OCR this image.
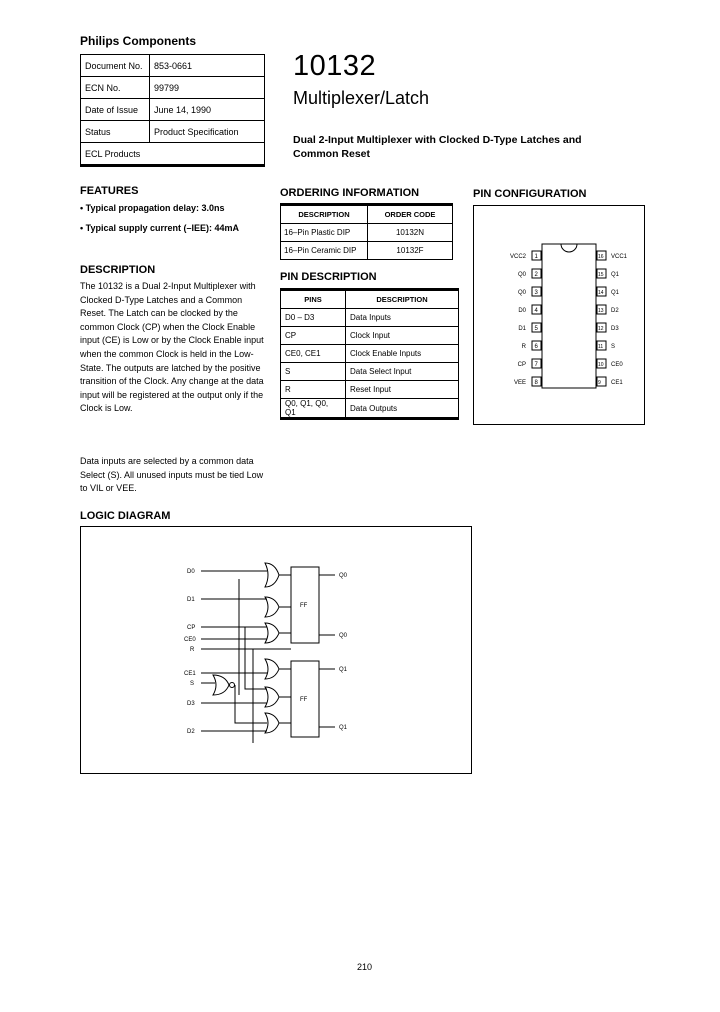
Philips Components
Document No.	853-0661
ECN No.	99799
Date of Issue	June 14, 1990
Status	Product Specification
ECL Products	
10132
Multiplexer/Latch
Dual 2-Input Multiplexer with Clocked D-Type Latches and Common Reset
FEATURES
• Typical propagation delay: 3.0ns
• Typical supply current (–IEE): 44mA
DESCRIPTION
The 10132 is a Dual 2-Input Multiplexer with Clocked D-Type Latches and a Common Reset. The Latch can be clocked by the common Clock (CP) when the Clock Enable input (CE) is Low or by the Clock Enable input when the common Clock is held in the Low-State. The outputs are latched by the positive transition of the Clock. Any change at the data input will be registered at the output only if the Clock is Low.
Data inputs are selected by a common data Select (S). All unused inputs must be tied Low to VIL or VEE.
ORDERING INFORMATION
DESCRIPTION	ORDER CODE
16–Pin Plastic DIP	10132N
16–Pin Ceramic DIP	10132F
PIN DESCRIPTION
PINS	DESCRIPTION
D0 – D3	Data Inputs
CP	Clock Input
CE0, CE1	Clock Enable Inputs
S	Data Select Input
R	Reset Input
Q0, Q1, Q0, Q1	Data Outputs
PIN CONFIGURATION
1
VCC2
2
Q0
3
Q0
4
D0
5
D1
6
R
7
CP
8
VEE
16 VCC1
15 Q1
14 Q1
13 D2
12 D3
11 S
10 CE0
9 CE1
LOGIC DIAGRAM
FF
FF
D0
D1
CP
CE0
R
CE1
S
D3
D2
Q0
Q0
Q1
Q1
210
